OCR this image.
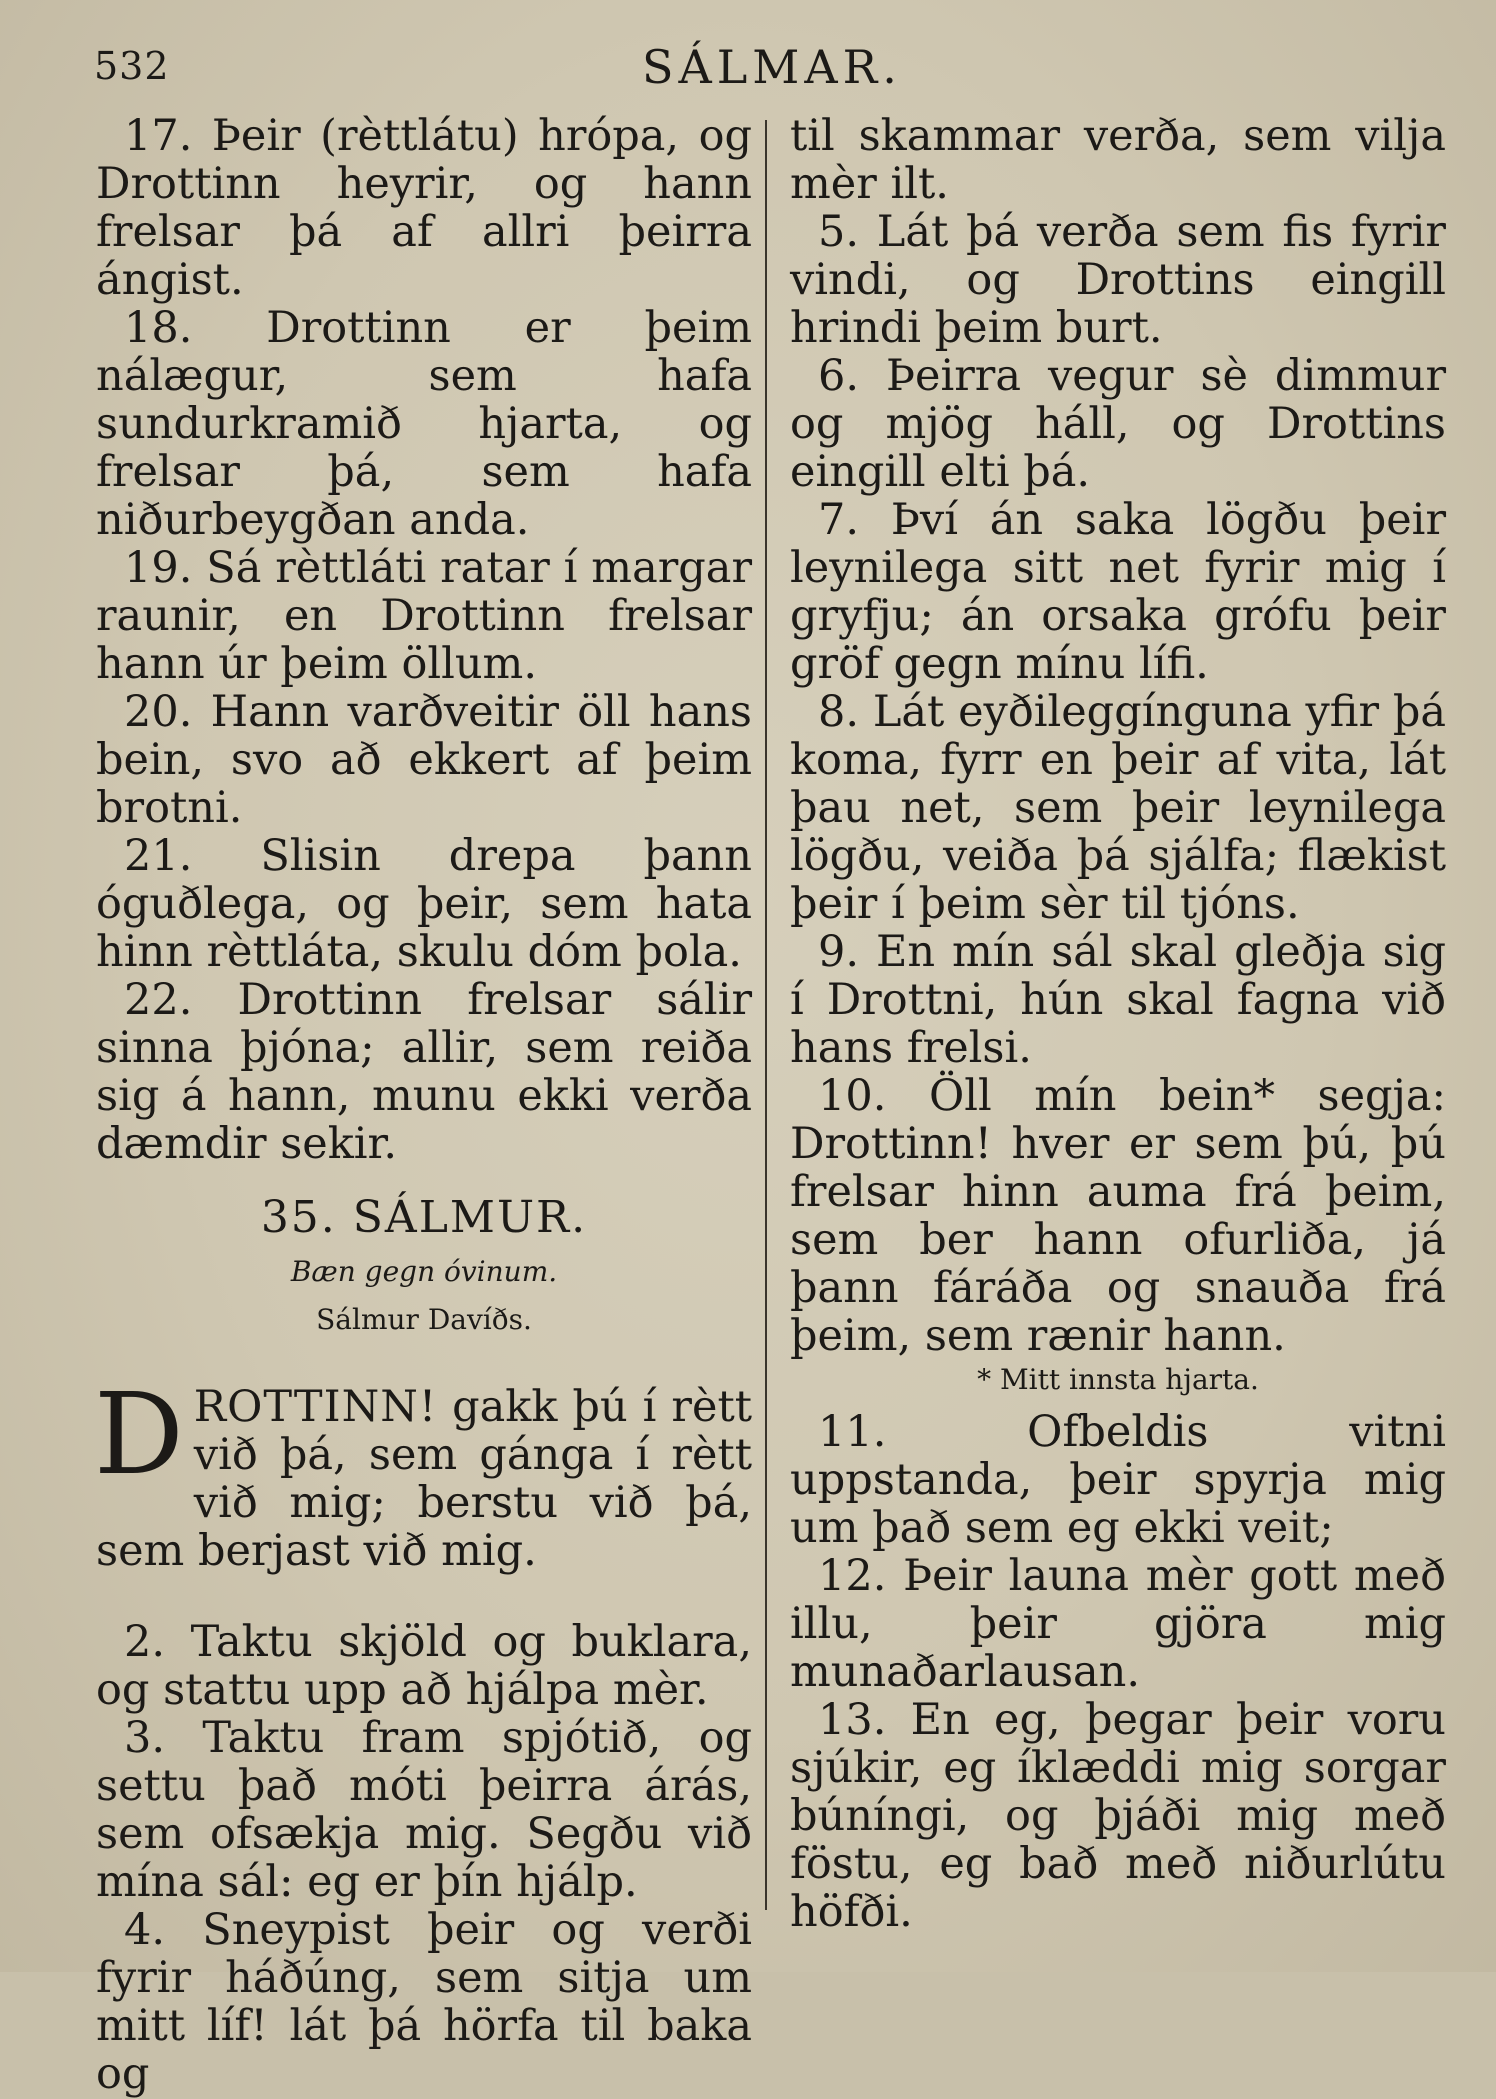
532	SÁLMAR.

17. Þeir (rèttlátu) hrópa, og Drottinn heyrir, og hann frelsar þá af allri þeirra ángist.

18. Drottinn er þeim nálægur, sem hafa sundurkramið hjarta, og frelsar þá, sem hafa niðurbeygðan anda.

19. Sá rèttláti ratar í margar raunir, en Drottinn frelsar hann úr þeim öllum.

20. Hann varðveitir öll hans bein, svo að ekkert af þeim brotni.

21. Slisin drepa þann óguðlega, og þeir, sem hata hinn rèttláta, skulu dóm þola.

22. Drottinn frelsar sálir sinna þjóna; allir, sem reiða sig á hann, munu ekki verða dæmdir sekir.

35. SÁLMUR.
Bæn gegn óvinum.
Sálmur Davíðs.

DROTTINN! gakk þú í rètt við þá, sem gánga í rètt við mig; berstu við þá, sem berjast við mig.

2. Taktu skjöld og buklara, og stattu upp að hjálpa mèr.

3. Taktu fram spjótið, og settu það móti þeirra árás, sem ofsækja mig. Segðu við mína sál: eg er þín hjálp.

4. Sneypist þeir og verði fyrir háðúng, sem sitja um mitt líf! lát þá hörfa til baka og

til skammar verða, sem vilja mèr ilt.

5. Lát þá verða sem fis fyrir vindi, og Drottins eingill hrindi þeim burt.

6. Þeirra vegur sè dimmur og mjög háll, og Drottins eingill elti þá.

7. Því án saka lögðu þeir leynilega sitt net fyrir mig í gryfju; án orsaka grófu þeir gröf gegn mínu lífi.

8. Lát eyðileggínguna yfir þá koma, fyrr en þeir af vita, lát þau net, sem þeir leynilega lögðu, veiða þá sjálfa; flækist þeir í þeim sèr til tjóns.

9. En mín sál skal gleðja sig í Drottni, hún skal fagna við hans frelsi.

10. Öll mín bein* segja: Drottinn! hver er sem þú, þú frelsar hinn auma frá þeim, sem ber hann ofurliða, já þann fáráða og snauða frá þeim, sem rænir hann.

* Mitt innsta hjarta.

11. Ofbeldis vitni uppstanda, þeir spyrja mig um það sem eg ekki veit;

12. Þeir launa mèr gott með illu, þeir gjöra mig munaðarlausan.

13. En eg, þegar þeir voru sjúkir, eg íklæddi mig sorgar búníngi, og þjáði mig með föstu, eg bað með niðurlútu höfði.
